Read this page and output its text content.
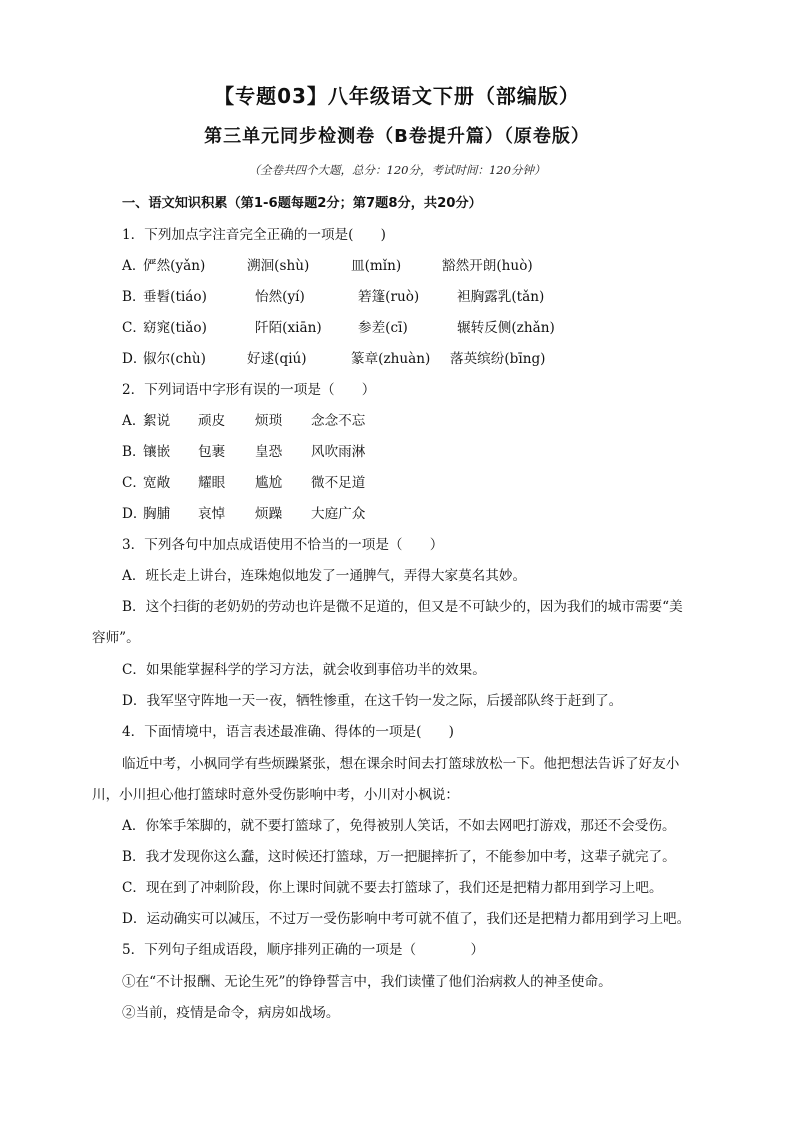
【专题03】八年级语文下册（部编版）
第三单元同步检测卷（B卷提升篇）（原卷版）
（全卷共四个大题，总分：120分，考试时间：120分钟）
一、语文知识积累（第1-6题每题2分；第7题8分，共20分）
1．下列加点字注音完全正确的一项是(　　)
A．
俨然(yǎn)	溯洄(shù)	皿(mǐn)	豁然开朗(huò)
B．
垂髫(tiáo)	怡然(yí)	箬篷(ruò)	袒胸露乳(tǎn)
C．
窈窕(tiǎo)	阡陌(xiān)	参差(cī)	辗转反侧(zhǎn)
D．
俶尔(chù)	好逑(qiú)	篆章(zhuàn) 落英缤纷(bīng)
2．下列词语中字形有误的一项是（　　）
A．
絮说 顽皮 烦琐 念念不忘
B．
镶嵌 包裹 皇恐 风吹雨淋
C．
宽敞 耀眼 尴尬 微不足道
D．
胸脯 哀悼 烦躁 大庭广众
3．下列各句中加点成语使用不恰当的一项是（　　）
A．班长走上讲台，连珠炮似地发了一通脾气，弄得大家莫名其妙。
B．这个扫街的老奶奶的劳动也许是微不足道的，但又是不可缺少的，因为我们的城市需要“美
容师”。
C．如果能掌握科学的学习方法，就会收到事倍功半的效果。
D．我军坚守阵地一天一夜，牺牲惨重，在这千钧一发之际，后援部队终于赶到了。
4．下面情境中，语言表述最准确、得体的一项是(　　)
临近中考，小枫同学有些烦躁紧张，想在课余时间去打篮球放松一下。他把想法告诉了好友小
川，小川担心他打篮球时意外受伤影响中考，小川对小枫说：
A．你笨手笨脚的，就不要打篮球了，免得被别人笑话，不如去网吧打游戏，那还不会受伤。
B．我才发现你这么蠢，这时候还打篮球，万一把腿摔折了，不能参加中考，这辈子就完了。
C．现在到了冲刺阶段，你上课时间就不要去打篮球了，我们还是把精力都用到学习上吧。
D．运动确实可以减压，不过万一受伤影响中考可就不值了，我们还是把精力都用到学习上吧。
5．下列句子组成语段，顺序排列正确的一项是（　　　　）
①在“不计报酬、无论生死”的铮铮誓言中，我们读懂了他们治病救人的神圣使命。
②当前，疫情是命令，病房如战场。
